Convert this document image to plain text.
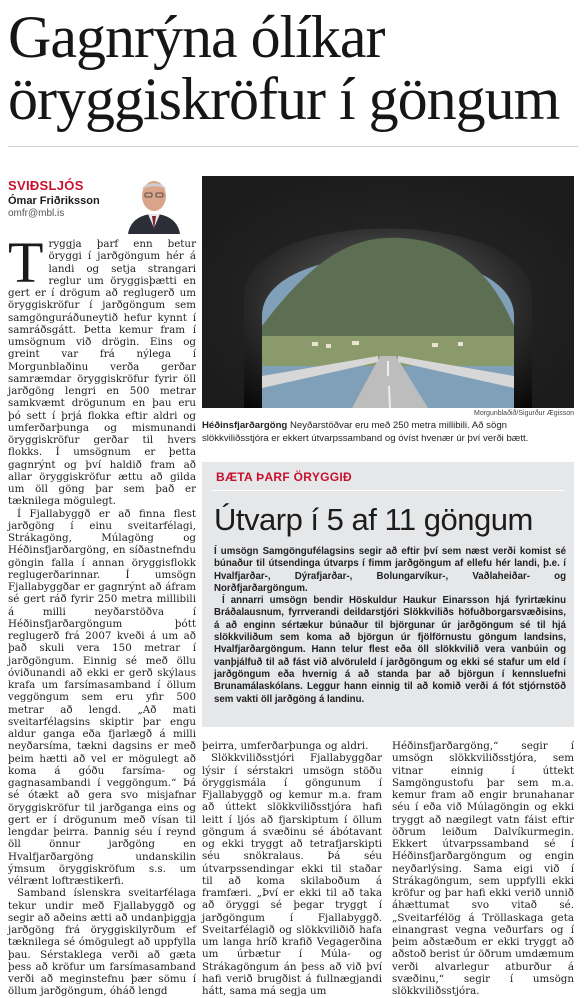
Gagnrýna ólíkar öryggiskröfur í göngum
SVIÐSLJÓS
Ómar Friðriksson
omfr@mbl.is
Morgunblaðið/Sigurður Ægisson
Héðinsfjarðargöng Neyðarstöðvar eru með 250 metra millibili. Að sögn slökkviliðsstjóra er ekkert útvarpssamband og óvíst hvenær úr því verði bætt.
T ryggja þarf enn betur öryggi í jarðgöngum hér á landi og setja strangari reglur um öryggisþætti en gert er í drögum að reglugerð um öryggiskröfur í jarðgöngum sem samgönguráðuneytið hefur kynnt í samráðsgátt. Þetta kemur fram í umsögnum við drögin. Eins og greint var frá nýlega í Morgunblaðinu verða gerðar samræmdar öryggiskröfur fyrir öll jarðgöng lengri en 500 metrar samkvæmt drögunum en þau eru þó sett í þrjá flokka eftir aldri og umferðarþunga og mismunandi öryggiskröfur gerðar til hvers flokks. Í umsögnum er þetta gagnrýnt og því haldið fram að allar öryggiskröfur ættu að gilda um öll göng þar sem það er tæknilega mögulegt.

Í Fjallabyggð er að finna flest jarðgöng í einu sveitarfélagi, Strákagöng, Múlagöng og Héðinsfjarðargöng, en síðastnefndu göngin falla í annan öryggisflokk reglugerðarinnar. Í umsögn Fjallabyggðar er gagnrýnt að áfram sé gert ráð fyrir 250 metra millibili á milli neyðarstöðva í Héðinsfjarðargöngum þótt reglugerð frá 2007 kveði á um að það skuli vera 150 metrar í jarðgöngum. Einnig sé með öllu óviðunandi að ekki er gerð skýlaus krafa um farsímasamband í öllum veggöngum sem eru yfir 500 metrar að lengd. „Að mati sveitarfélagsins skiptir þar engu aldur ganga eða fjarlægð á milli neyðarsíma, tækni dagsins er með þeim hætti að vel er mögulegt að koma á góðu farsíma- og gagnasambandi í veggöngum.“ Þá sé ótækt að gera svo misjafnar öryggiskröfur til jarðganga eins og gert er í drögunum með vísan til lengdar þeirra. Þannig séu í reynd öll önnur jarðgöng en Hvalfjarðargöng undanskilin ýmsum öryggiskröfum s.s. um vélrænt loftræstikerfi.

Samband íslenskra sveitarfélaga tekur undir með Fjallabyggð og segir að aðeins ætti að undanþiggja jarðgöng frá öryggiskilyrðum ef tæknilega sé ómögulegt að uppfylla þau. Sérstaklega verði að gæta þess að kröfur um farsímasamband verði að meginstefnu þær sömu í öllum jarðgöngum, óháð lengd

BÆTA ÞARF ÖRYGGIÐ
Útvarp í 5 af 11 göngum

Í umsögn Samgöngufélagsins segir að eftir því sem næst verði komist sé búnaður til útsendinga útvarps í fimm jarðgöngum af ellefu hér landi, þ.e. í Hvalfjarðar-, Dýrafjarðar-, Bolungarvíkur-, Vaðlaheiðar- og Norðfjarðargöngum.

Í annarri umsögn bendir Höskuldur Haukur Einarsson hjá fyrirtækinu Bráðalausnum, fyrrverandi deildarstjóri Slökkviliðs höfuðborgarsvæðisins, á að enginn sértækur búnaður til björgunar úr jarðgöngum sé til hjá slökkviliðum sem koma að björgun úr fjölförnustu göngum landsins, Hvalfjarðargöngum. Hann telur flest eða öll slökkvilið vera vanbúin og vanþjálfuð til að fást við alvöruleld í jarðgöngum og ekki sé stafur um eld í jarðgöngum eða hvernig á að standa þar að björgun í kennsluefni Brunamálaskólans. Leggur hann einnig til að komið verði á fót stjórnstöð sem vakti öll jarðgöng á landinu.

þeirra, umferðarþunga og aldri.

Slökkviliðsstjóri Fjallabyggðar lýsir í sérstakri umsögn stöðu öryggismála í göngunum í Fjallabyggð og kemur m.a. fram að úttekt slökkviliðsstjóra hafi leitt í ljós að fjarskiptum í öllum göngum á svæðinu sé ábótavant og ekki tryggt að tetrafjarskipti séu snökralaus. Þá séu útvarpssendingar ekki til staðar til að koma skilaboðum á framfæri. „Því er ekki til að taka að öryggi sé þegar tryggt í jarðgöngum í Fjallabyggð. Sveitarfélagið og slökkviliðið hafa um langa hríð krafið Vegagerðina um úrbætur í Múla- og Strákagöngum án þess að við því hafi verið brugðist á fullnægjandi hátt, sama má segja um

Héðinsfjarðargöng,“ segir í umsögn slökkviliðsstjóra, sem vitnar einnig í úttekt Samgöngustofu þar sem m.a. kemur fram að engir brunahanar séu í eða við Múlagöngin og ekki tryggt að nægilegt vatn fáist eftir öðrum leiðum Dalvíkurmegin. Ekkert útvarpssamband sé í Héðinsfjarðargöngum og engin neyðarlýsing. Sama eigi við í Strákagöngum, sem uppfylli ekki kröfur og þar hafi ekki verið unnið áhættumat svo vitað sé. „Sveitarfélög á Tröllaskaga geta einangrast vegna veðurfars og í þeim aðstæðum er ekki tryggt að aðstoð berist úr öðrum umdæmum verði alvarlegur atburður á svæðinu,“ segir í umsögn slökkviliðsstjóra.
